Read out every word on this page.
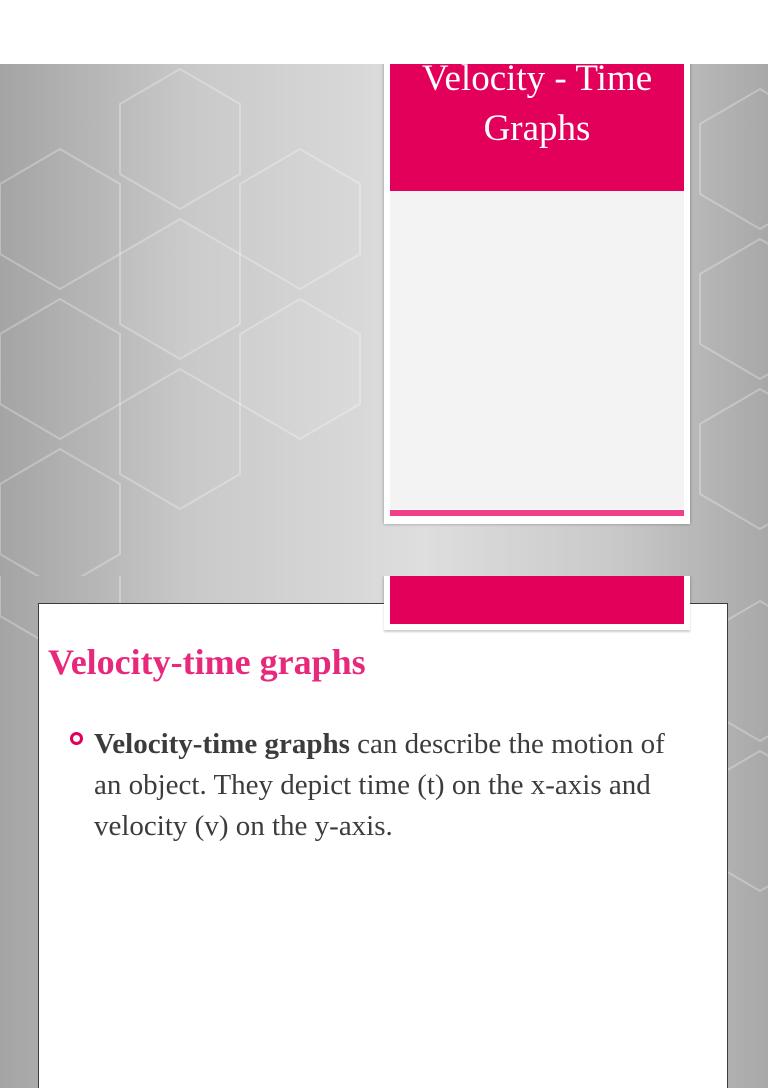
Velocity - Time Graphs
Velocity-time graphs

Velocity-time graphs can describe the motion of an object. They depict time (t) on the x-axis and velocity (v) on the y-axis.
